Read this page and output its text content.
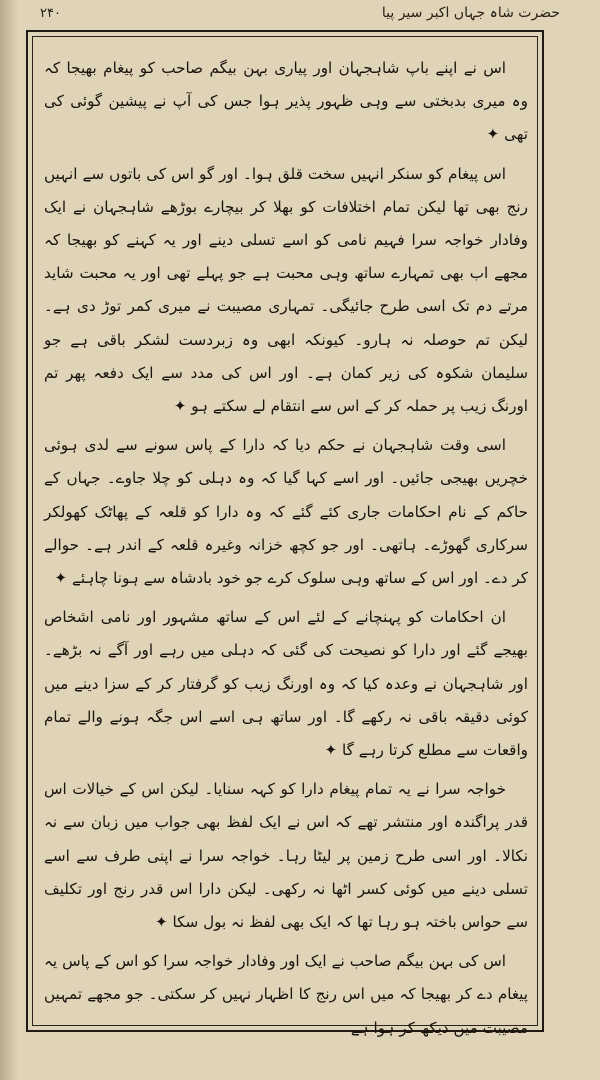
۲۴۰	حضرت شاہ جہاں اکبر سیر پیا

اس نے اپنے باپ شاہجہان اور پیاری بہن بیگم صاحب کو پیغام بھیجا کہ وہ میری بدبختی سے وہی ظہور پذیر ہوا جس کی آپ نے پیشین گوئی کی تھی ✦

اس پیغام کو سنکر انہیں سخت قلق ہوا۔ اور گو اس کی باتوں سے انہیں رنج بھی تھا لیکن تمام اختلافات کو بھلا کر بیچارے بوڑھے شاہجہان نے ایک وفادار خواجہ سرا فہیم نامی کو اسے تسلی دینے اور یہ کہنے کو بھیجا کہ مجھے اب بھی تمہارے ساتھ وہی محبت ہے جو پہلے تھی اور یہ محبت شاید مرتے دم تک اسی طرح جائیگی۔ تمہاری مصیبت نے میری کمر توڑ دی ہے۔ لیکن تم حوصلہ نہ ہارو۔ کیونکہ ابھی وہ زبردست لشکر باقی ہے جو سلیمان شکوہ کی زیر کمان ہے۔ اور اس کی مدد سے ایک دفعہ پھر تم اورنگ زیب پر حملہ کر کے اس سے انتقام لے سکتے ہو ✦

اسی وقت شاہجہان نے حکم دیا کہ دارا کے پاس سونے سے لدی ہوئی خچریں بھیجی جائیں۔ اور اسے کہا گیا کہ وہ دہلی کو چلا جاوے۔ جہاں کے حاکم کے نام احکامات جاری کئے گئے کہ وہ دارا کو قلعہ کے پھاٹک کھولکر سرکاری گھوڑے۔ ہاتھی۔ اور جو کچھ خزانہ وغیرہ قلعہ کے اندر ہے۔ حوالے کر دے۔ اور اس کے ساتھ وہی سلوک کرے جو خود بادشاہ سے ہونا چاہئے ✦

ان احکامات کو پہنچانے کے لئے اس کے ساتھ مشہور اور نامی اشخاص بھیجے گئے اور دارا کو نصیحت کی گئی کہ دہلی میں رہے اور آگے نہ بڑھے۔ اور شاہجہان نے وعدہ کیا کہ وہ اورنگ زیب کو گرفتار کر کے سزا دینے میں کوئی دقیقہ باقی نہ رکھے گا۔ اور ساتھ ہی اسے اس جگہ ہونے والے تمام واقعات سے مطلع کرتا رہے گا ✦

خواجہ سرا نے یہ تمام پیغام دارا کو کہہ سنایا۔ لیکن اس کے خیالات اس قدر پراگندہ اور منتشر تھے کہ اس نے ایک لفظ بھی جواب میں زبان سے نہ نکالا۔ اور اسی طرح زمین پر لیٹا رہا۔ خواجہ سرا نے اپنی طرف سے اسے تسلی دینے میں کوئی کسر اٹھا نہ رکھی۔ لیکن دارا اس قدر رنج اور تکلیف سے حواس باختہ ہو رہا تھا کہ ایک بھی لفظ نہ بول سکا ✦

اس کی بہن بیگم صاحب نے ایک اور وفادار خواجہ سرا کو اس کے پاس یہ پیغام دے کر بھیجا کہ میں اس رنج کا اظہار نہیں کر سکتی۔ جو مجھے تمہیں مصیبت میں دیکھ کر ہوا ہے
